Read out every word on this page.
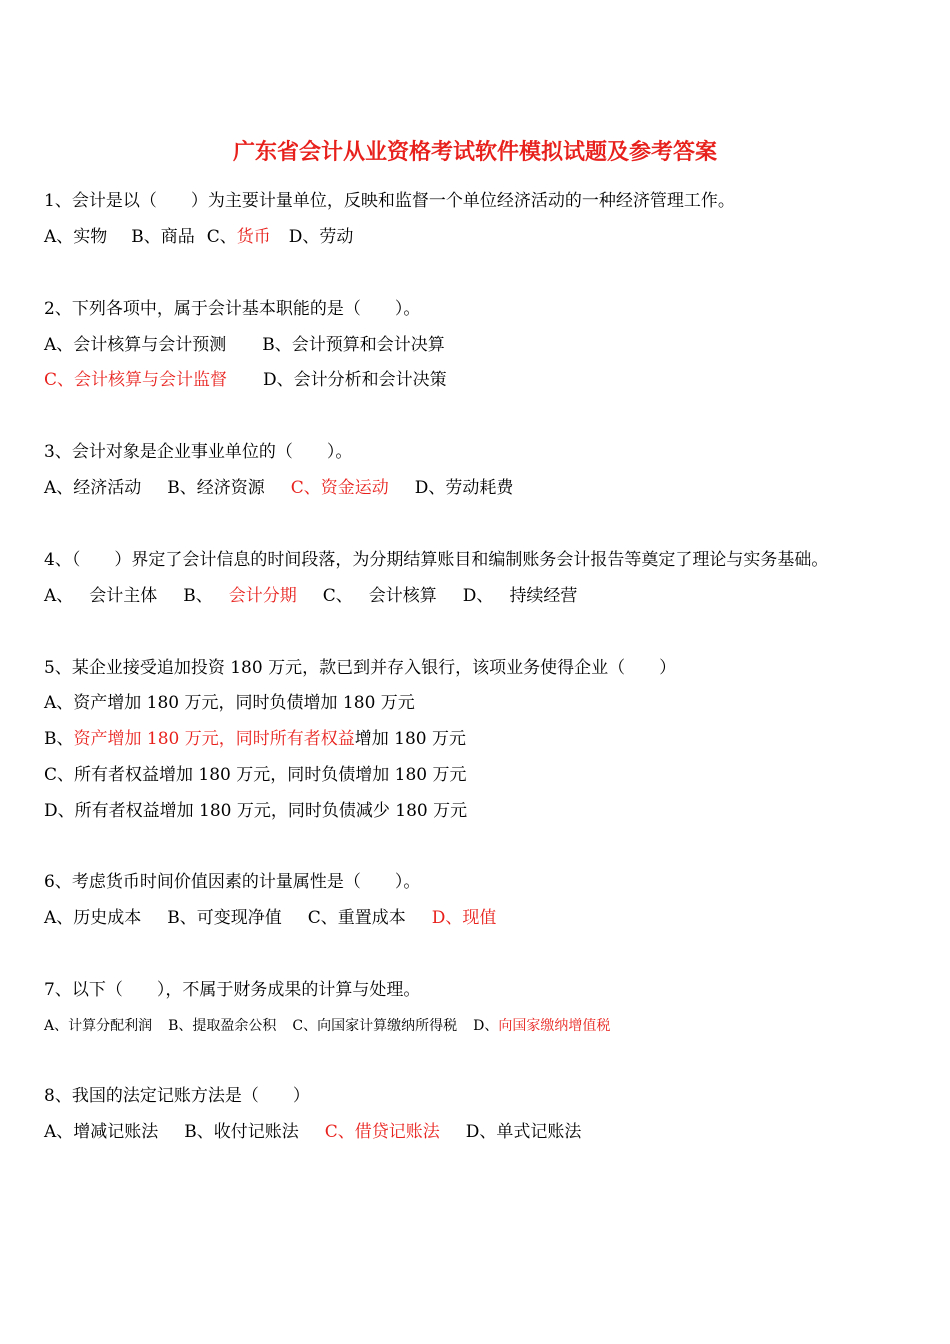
广东省会计从业资格考试软件模拟试题及参考答案
1、会计是以（　　）为主要计量单位，反映和监督一个单位经济活动的一种经济管理工作。
A、实物 B、商品 C、货币 D、劳动
2、下列各项中，属于会计基本职能的是（　　）。
A、会计核算与会计预测 B、会计预算和会计决算
C、会计核算与会计监督 D、会计分析和会计决策
3、会计对象是企业事业单位的（　　）。
A、经济活动 B、经济资源 C、资金运动 D、劳动耗费
4、（　　）界定了会计信息的时间段落，为分期结算账目和编制账务会计报告等奠定了理论与实务基础。
A、 会计主体 B、 会计分期 C、 会计核算 D、 持续经营
5、某企业接受追加投资 180 万元，款已到并存入银行，该项业务使得企业（　　）
A、资产增加 180 万元，同时负债增加 180 万元
B、资产增加 180 万元，同时所有者权益增加 180 万元
C、所有者权益增加 180 万元，同时负债增加 180 万元
D、所有者权益增加 180 万元，同时负债减少 180 万元
6、考虑货币时间价值因素的计量属性是（　　）。
A、历史成本 B、可变现净值 C、重置成本 D、现值
7、以下（　　），不属于财务成果的计算与处理。
A、计算分配利润 B、提取盈余公积 C、向国家计算缴纳所得税 D、向国家缴纳增值税
8、我国的法定记账方法是（　　）
A、增减记账法 B、收付记账法 C、借贷记账法 D、单式记账法
